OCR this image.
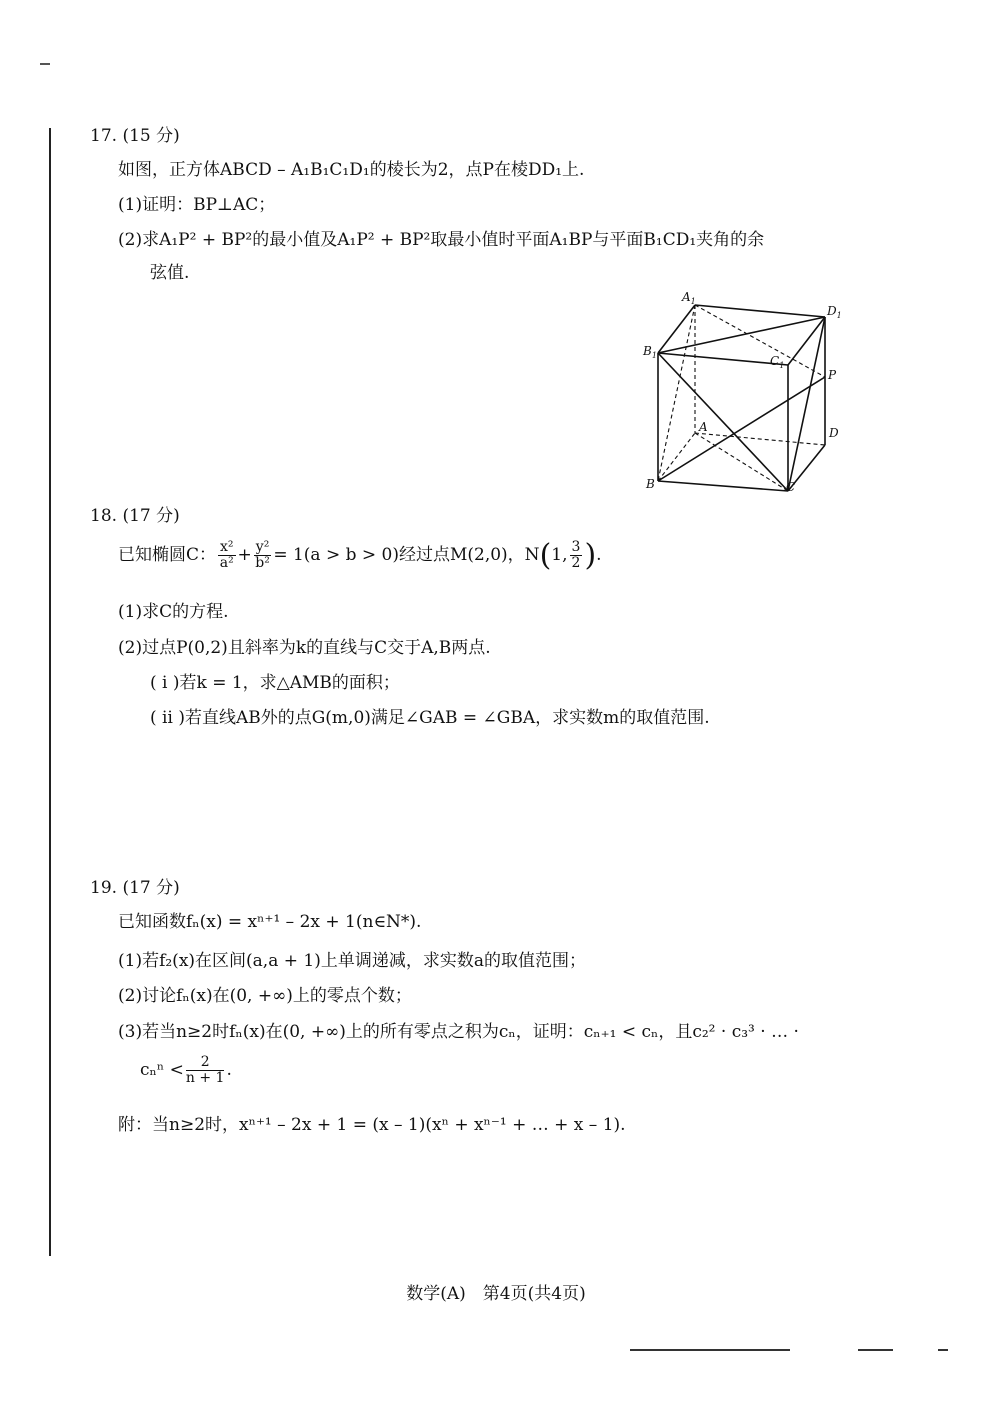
17. (15 分)
如图，正方体ABCD – A₁B₁C₁D₁的棱长为2，点P在棱DD₁上.
(1)证明：BP⊥AC；
(2)求A₁P² + BP²的最小值及A₁P² + BP²取最小值时平面A₁BP与平面B₁CD₁夹角的余
弦值.
$A_1$
$D_1$
$B_1$	$C_1$
P
A	D
B	C
18. (17 分)
已知椭圆C： $\frac{\text{x²}}{\text{a²}} + \frac{\text{y²}}{\text{b²}} = 1(a > b > 0)$经过点M(2,0)，N ( 1, $\frac{3}{2}$ ) .
(1)求C的方程.
(2)过点P(0,2)且斜率为k的直线与C交于A,B两点.
( ⅰ )若k = 1，求△AMB的面积；
( ⅱ )若直线AB外的点G(m,0)满足∠GAB = ∠GBA，求实数m的取值范围.
19. (17 分)
已知函数fₙ(x) = xⁿ⁺¹ – 2x + 1(n∈N*).
(1)若f₂(x)在区间(a,a + 1)上单调递减，求实数a的取值范围；
(2)讨论fₙ(x)在(0, +∞)上的零点个数；
(3)若当n≥2时fₙ(x)在(0, +∞)上的所有零点之积为cₙ，证明：cₙ₊₁ < cₙ，且c₂² · c₃³ · … ·
$c_n^n < \frac{2}{n + 1}$ .
附：当n≥2时，xⁿ⁺¹ – 2x + 1 = (x – 1)(xⁿ + xⁿ⁻¹ + … + x – 1).
数学(A)　第4页(共4页)
